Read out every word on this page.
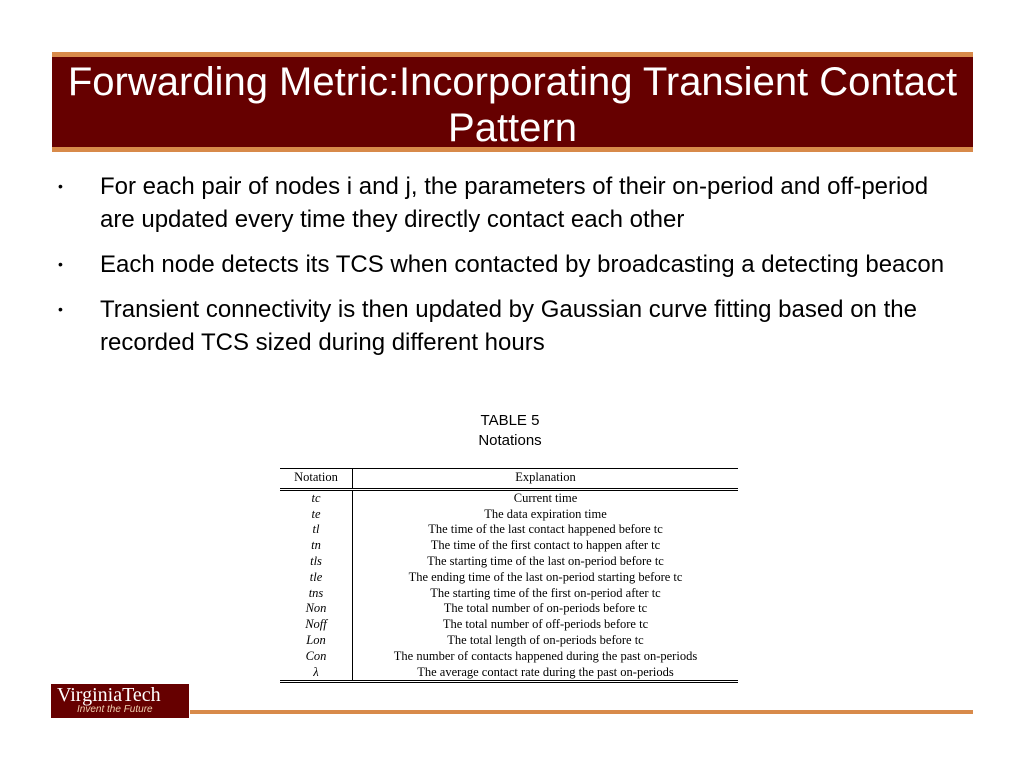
Forwarding Metric:Incorporating Transient Contact Pattern
• For each pair of nodes i and j, the parameters of their on-period and off-period are updated every time they directly contact each other
• Each node detects its TCS when contacted by broadcasting a detecting beacon
• Transient connectivity is then updated by Gaussian curve fitting based on the recorded TCS sized during different hours
TABLE 5
Notations
Notation	Explanation
tc	Current time
te	The data expiration time
tl	The time of the last contact happened before tc
tn	The time of the first contact to happen after tc
tls	The starting time of the last on-period before tc
tle	The ending time of the last on-period starting before tc
tns	The starting time of the first on-period after tc
Non	The total number of on-periods before tc
Noff	The total number of off-periods before tc
Lon	The total length of on-periods before tc
Con	The number of contacts happened during the past on-periods
λ	The average contact rate during the past on-periods
VirginiaTech
Invent the Future
